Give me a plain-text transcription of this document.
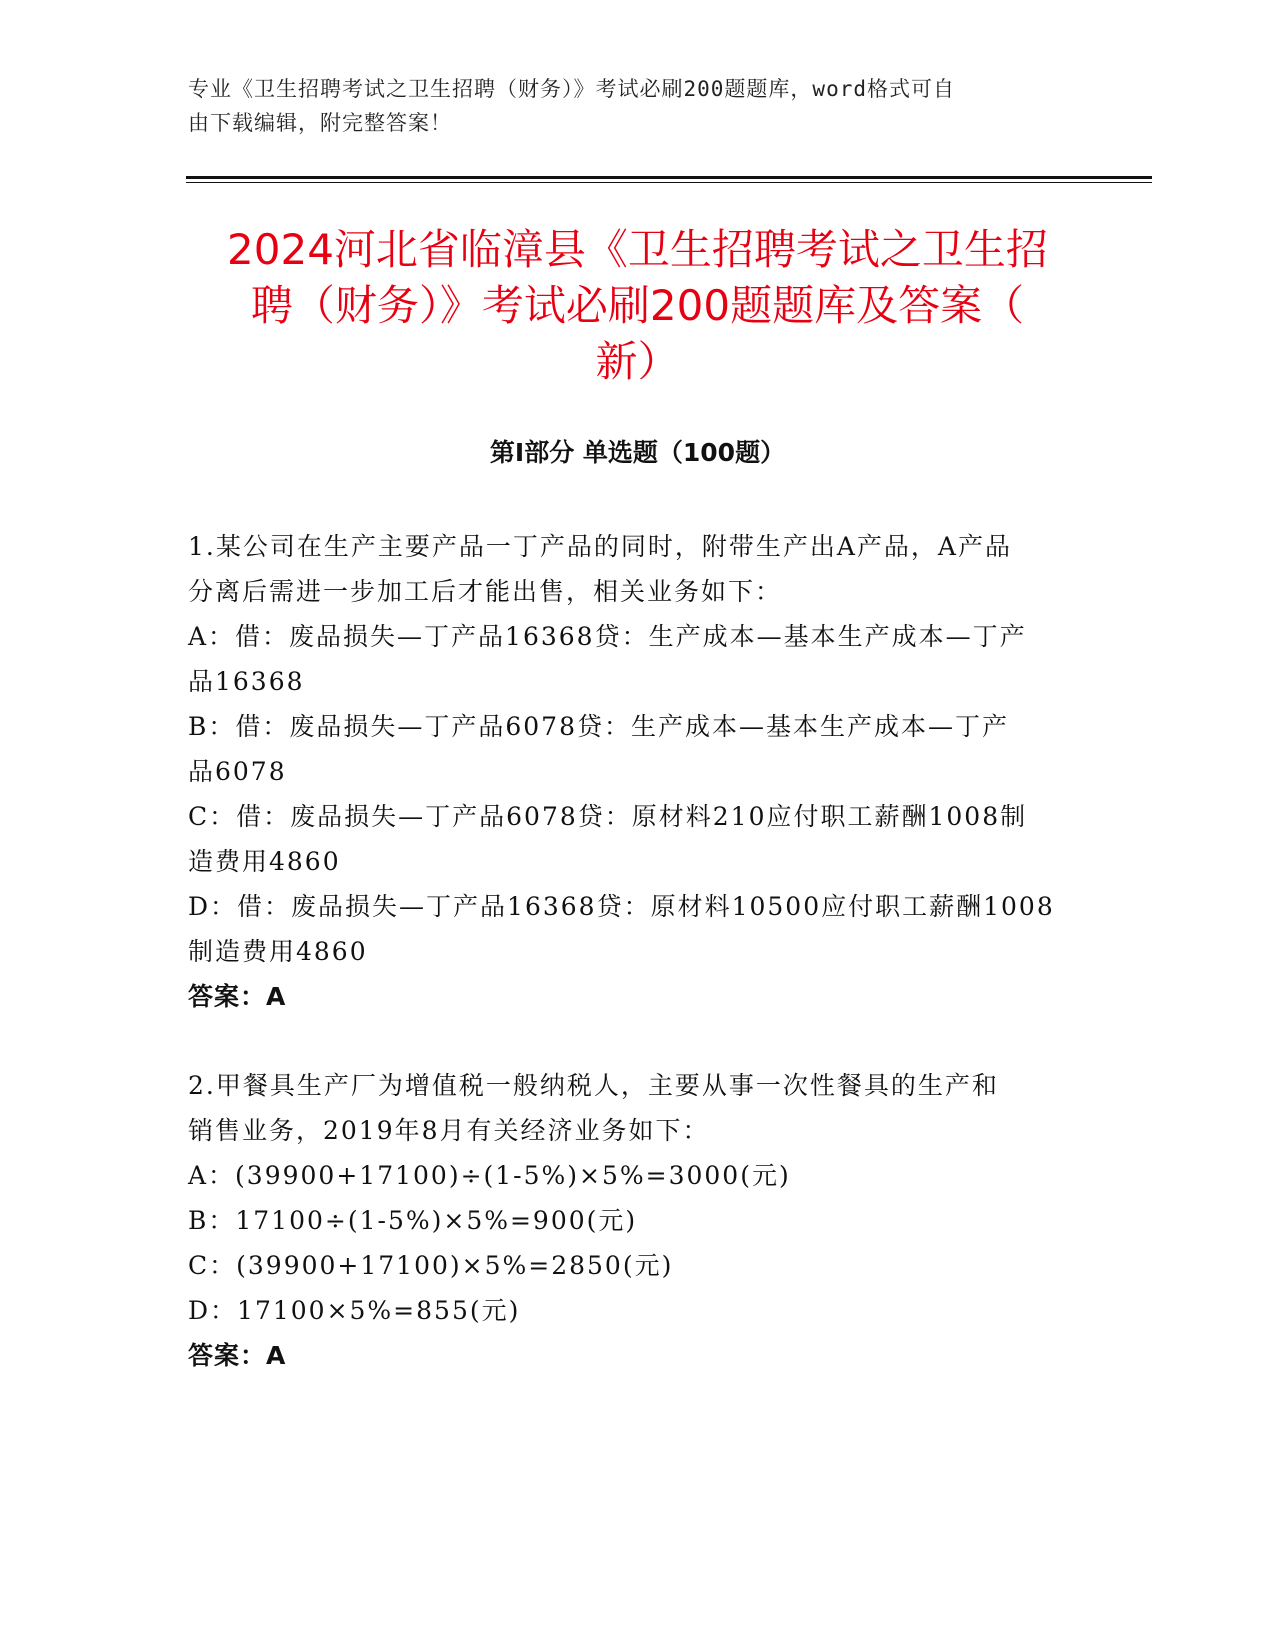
专业《卫生招聘考试之卫生招聘（财务）》考试必刷200题题库，word格式可自
由下载编辑，附完整答案！
2024河北省临漳县《卫生招聘考试之卫生招
聘（财务）》考试必刷200题题库及答案（
新）
第I部分 单选题（100题）
1.某公司在生产主要产品一丁产品的同时，附带生产出A产品，A产品
分离后需进一步加工后才能出售，相关业务如下：
A：借：废品损失—丁产品16368贷：生产成本—基本生产成本—丁产
品16368
B：借：废品损失—丁产品6078贷：生产成本—基本生产成本—丁产
品6078
C：借：废品损失—丁产品6078贷：原材料210应付职工薪酬1008制
造费用4860
D：借：废品损失—丁产品16368贷：原材料10500应付职工薪酬1008
制造费用4860
答案：A
2.甲餐具生产厂为增值税一般纳税人，主要从事一次性餐具的生产和
销售业务，2019年8月有关经济业务如下：
A：(39900+17100)÷(1-5%)×5%=3000(元)
B：17100÷(1-5%)×5%=900(元)
C：(39900+17100)×5%=2850(元)
D：17100×5%=855(元)
答案：A
